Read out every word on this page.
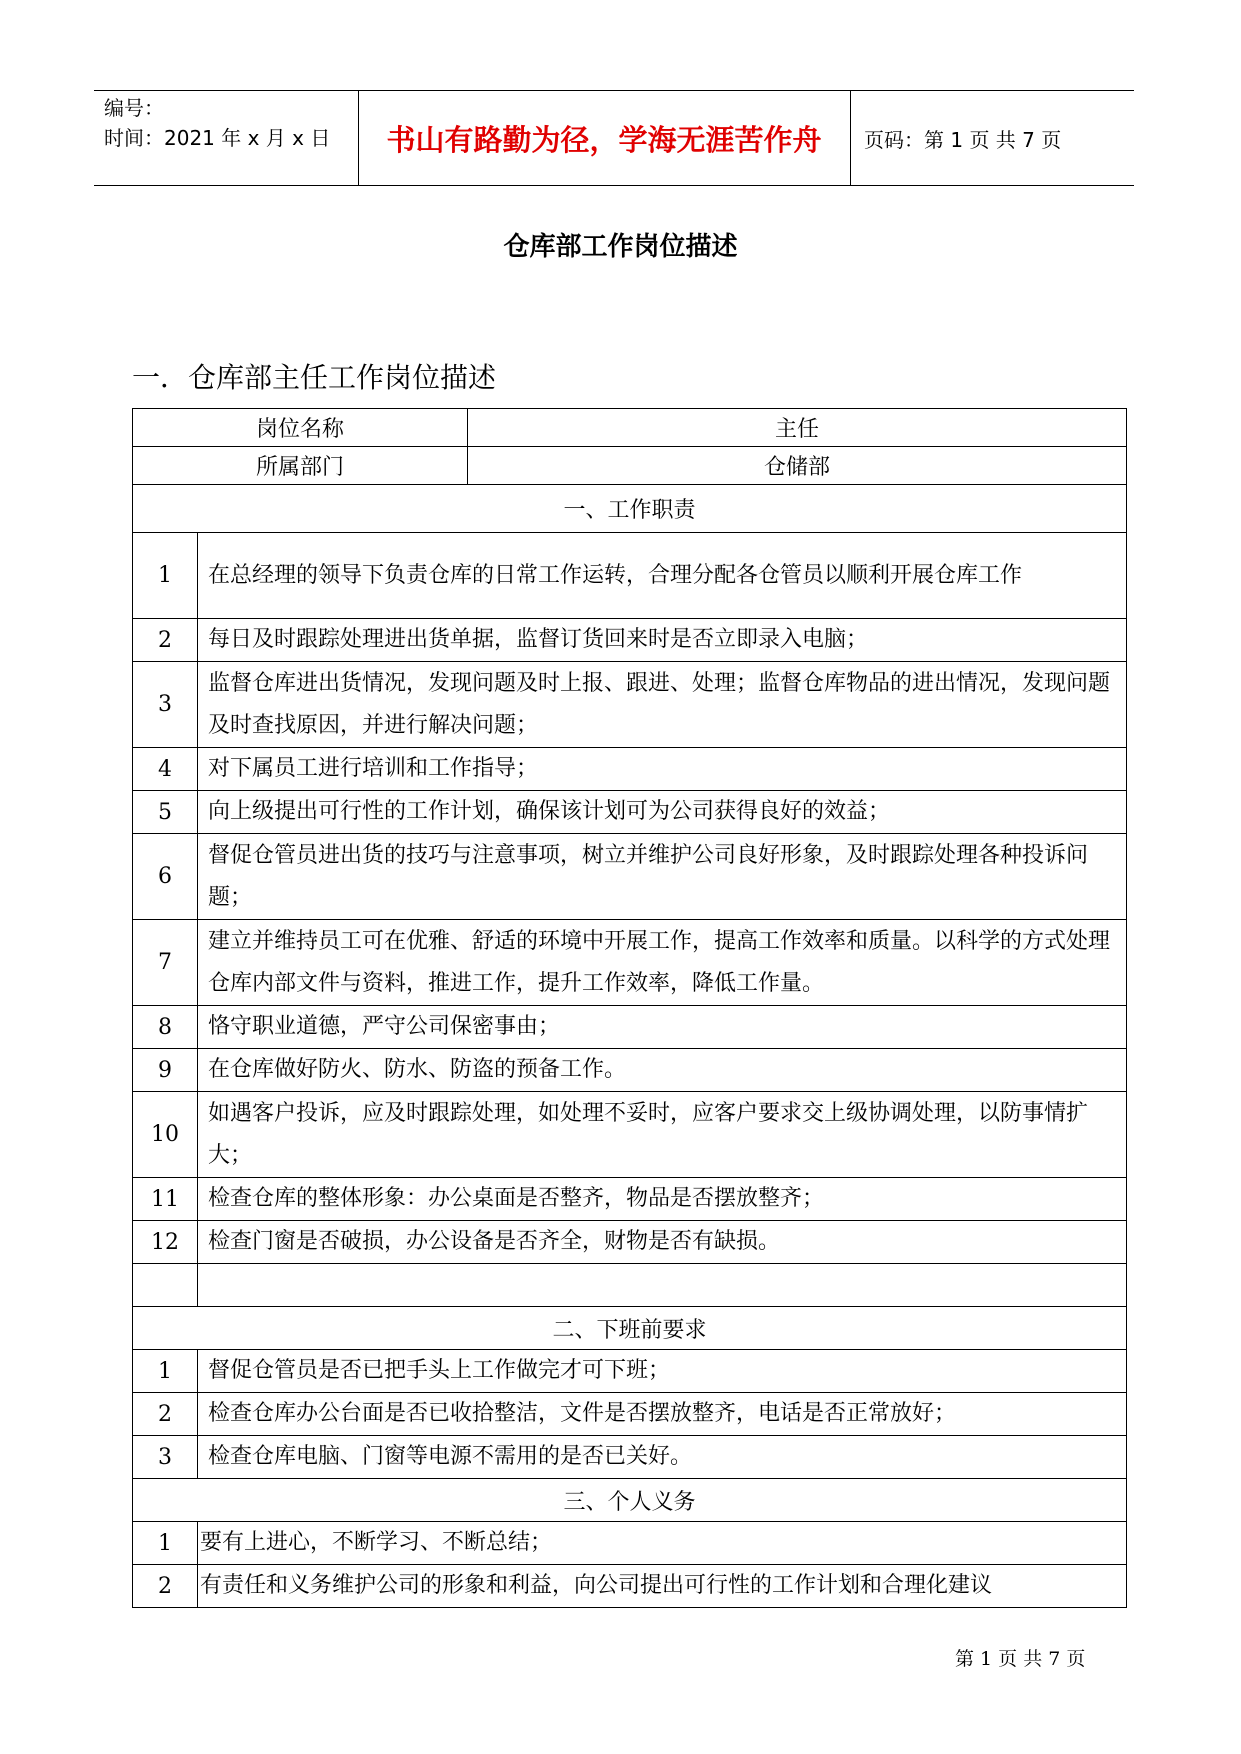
编号：
时间：2021 年 x 月 x 日	书山有路勤为径，学海无涯苦作舟	页码：第 1 页 共 7 页
仓库部工作岗位描述
一．仓库部主任工作岗位描述
岗位名称		主任
所属部门		仓储部
一、工作职责		
1	在总经理的领导下负责仓库的日常工作运转，合理分配各仓管员以顺利开展仓库工作	
2	每日及时跟踪处理进出货单据，监督订货回来时是否立即录入电脑；	
3	监督仓库进出货情况，发现问题及时上报、跟进、处理；监督仓库物品的进出情况，发现问题及时查找原因，并进行解决问题；	
4	对下属员工进行培训和工作指导；	
5	向上级提出可行性的工作计划，确保该计划可为公司获得良好的效益；	
6	督促仓管员进出货的技巧与注意事项，树立并维护公司良好形象，及时跟踪处理各种投诉问题；	
7	建立并维持员工可在优雅、舒适的环境中开展工作，提高工作效率和质量。以科学的方式处理仓库内部文件与资料，推进工作，提升工作效率，降低工作量。	
8	恪守职业道德，严守公司保密事由；	
9	在仓库做好防火、防水、防盗的预备工作。	
10	如遇客户投诉，应及时跟踪处理，如处理不妥时，应客户要求交上级协调处理，以防事情扩大；	
11	检查仓库的整体形象：办公桌面是否整齐，物品是否摆放整齐；	
12	检查门窗是否破损，办公设备是否齐全，财物是否有缺损。	

二、下班前要求		
1	督促仓管员是否已把手头上工作做完才可下班；	
2	检查仓库办公台面是否已收拾整洁，文件是否摆放整齐，电话是否正常放好；	
3	检查仓库电脑、门窗等电源不需用的是否已关好。	
三、个人义务		
1	要有上进心，不断学习、不断总结；	
2	有责任和义务维护公司的形象和利益，向公司提出可行性的工作计划和合理化建议	
第 1 页 共 7 页
